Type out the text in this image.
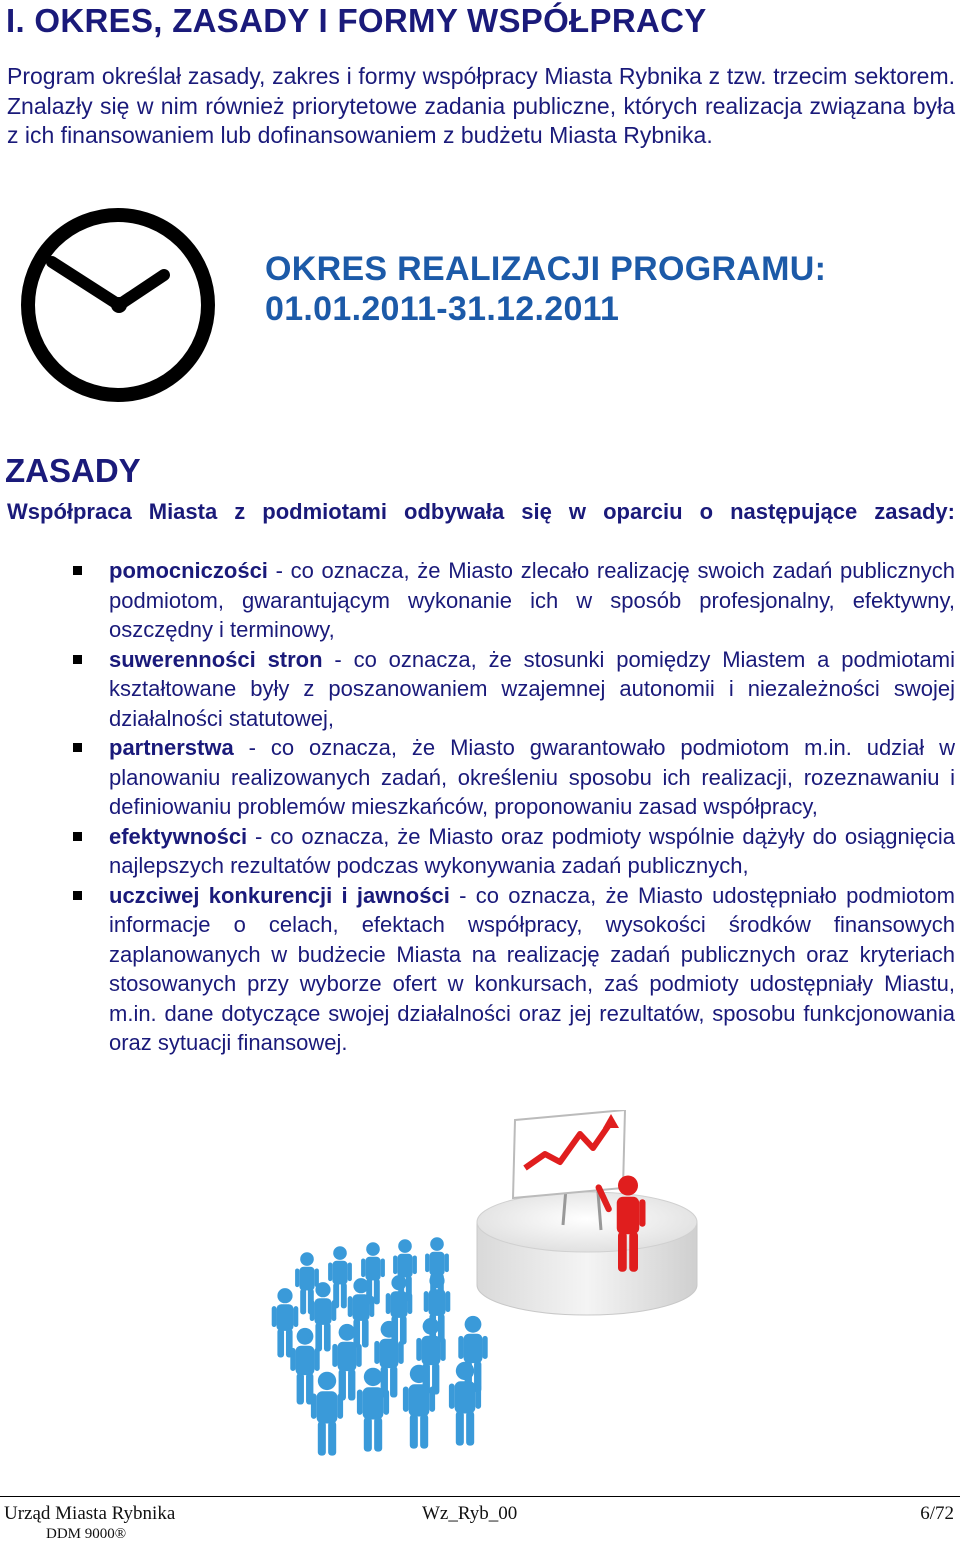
I. OKRES, ZASADY I FORMY WSPÓŁPRACY

Program określał zasady, zakres i formy współpracy Miasta Rybnika z tzw. trzecim sektorem. Znalazły się w nim również priorytetowe zadania publiczne, których realizacja związana była z ich finansowaniem lub dofinansowaniem z budżetu Miasta Rybnika.

OKRES REALIZACJI PROGRAMU:
01.01.2011-31.12.2011
ZASADY

Współpraca Miasta z podmiotami odbywała się w oparciu o następujące zasady:

pomocniczości - co oznacza, że Miasto zlecało realizację swoich zadań publicznych podmiotom, gwarantującym wykonanie ich w sposób profesjonalny, efektywny, oszczędny i terminowy,
suwerenności stron - co oznacza, że stosunki pomiędzy Miastem a podmiotami kształtowane były z poszanowaniem wzajemnej autonomii i niezależności swojej działalności statutowej,
partnerstwa - co oznacza, że Miasto gwarantowało podmiotom m.in. udział w planowaniu realizowanych zadań, określeniu sposobu ich realizacji, rozeznawaniu i definiowaniu problemów mieszkańców, proponowaniu zasad współpracy,
efektywności - co oznacza, że Miasto oraz podmioty wspólnie dążyły do osiągnięcia najlepszych rezultatów podczas wykonywania zadań publicznych,
uczciwej konkurencji i jawności - co oznacza, że Miasto udostępniało podmiotom informacje o celach, efektach współpracy, wysokości środków finansowych zaplanowanych w budżecie Miasta na realizację zadań publicznych oraz kryteriach stosowanych przy wyborze ofert w konkursach, zaś podmioty udostępniały Miastu, m.in. dane dotyczące swojej działalności oraz jej rezultatów, sposobu funkcjonowania oraz sytuacji finansowej.
Urząd Miasta Rybnika	Wz_Ryb_00	6/72
DDM 9000®
